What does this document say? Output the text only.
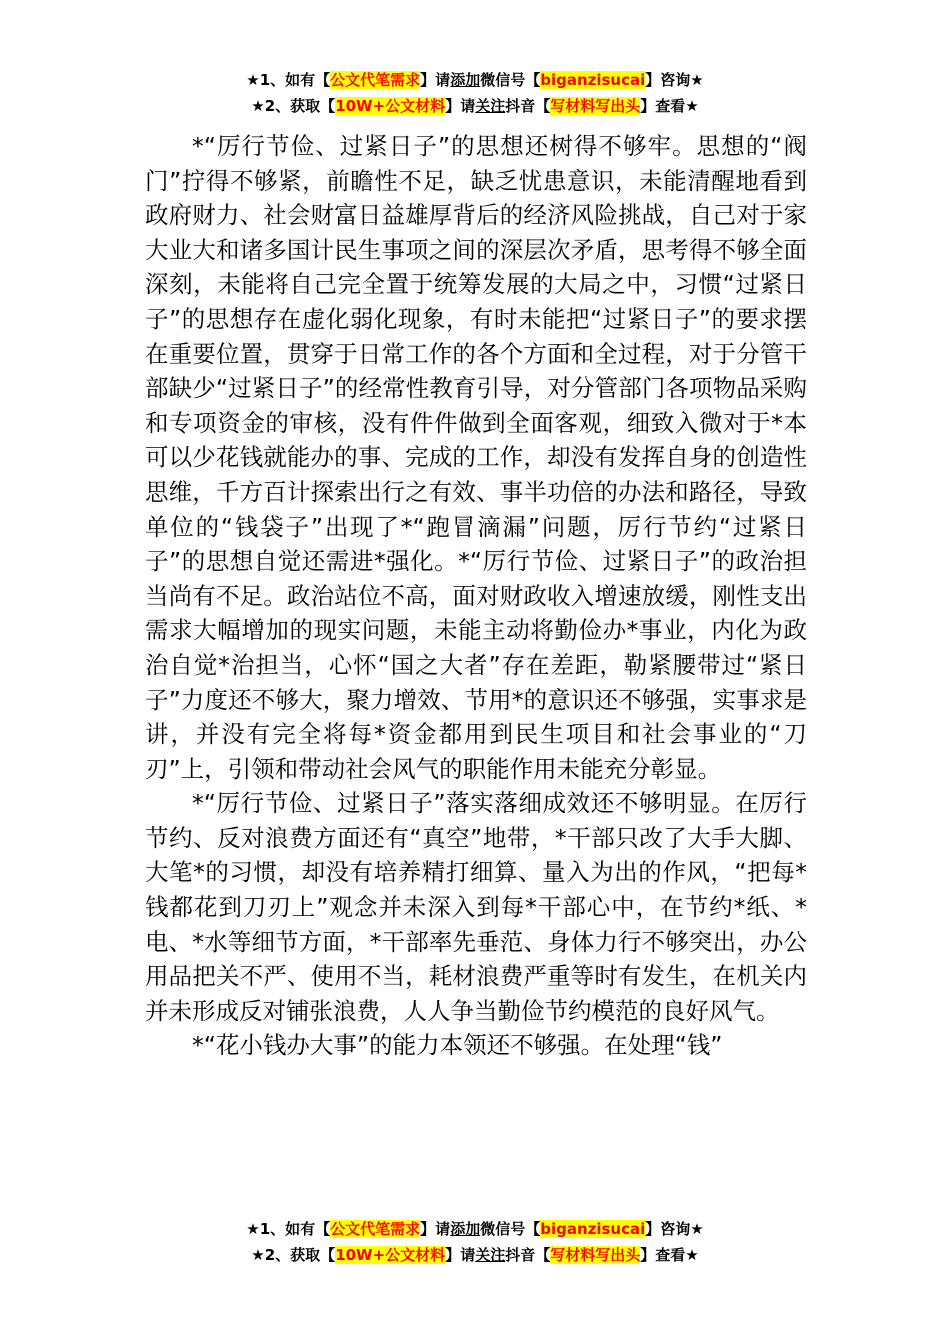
★1、如有【公文代笔需求】请添加微信号【biganzisucai】咨询★
★2、获取【10W+公文材料】请关注抖音【写材料写出头】查看★

*“厉行节俭、过紧日子”的思想还树得不够牢。思想的“阀门”拧得不够紧，前瞻性不足，缺乏忧患意识，未能清醒地看到政府财力、社会财富日益雄厚背后的经济风险挑战，自己对于家大业大和诸多国计民生事项之间的深层次矛盾，思考得不够全面深刻，未能将自己完全置于统筹发展的大局之中，习惯“过紧日子”的思想存在虚化弱化现象，有时未能把“过紧日子”的要求摆在重要位置，贯穿于日常工作的各个方面和全过程，对于分管干部缺少“过紧日子”的经常性教育引导，对分管部门各项物品采购和专项资金的审核，没有件件做到全面客观，细致入微对于*本可以少花钱就能办的事、完成的工作，却没有发挥自身的创造性思维，千方百计探索出行之有效、事半功倍的办法和路径，导致单位的“钱袋子”出现了*“跑冒滴漏”问题，厉行节约“过紧日子”的思想自觉还需进*强化。*“厉行节俭、过紧日子”的政治担当尚有不足。政治站位不高，面对财政收入增速放缓，刚性支出需求大幅增加的现实问题，未能主动将勤俭办*事业，内化为政治自觉*治担当，心怀“国之大者”存在差距，勒紧腰带过“紧日子”力度还不够大，聚力增效、节用*的意识还不够强，实事求是讲，并没有完全将每*资金都用到民生项目和社会事业的“刀刃”上，引领和带动社会风气的职能作用未能充分彰显。

*“厉行节俭、过紧日子”落实落细成效还不够明显。在厉行节约、反对浪费方面还有“真空”地带，*干部只改了大手大脚、大笔*的习惯，却没有培养精打细算、量入为出的作风，“把每*钱都花到刀刃上”观念并未深入到每*干部心中，在节约*纸、*电、*水等细节方面，*干部率先垂范、身体力行不够突出，办公用品把关不严、使用不当，耗材浪费严重等时有发生，在机关内并未形成反对铺张浪费，人人争当勤俭节约模范的良好风气。

*“花小钱办大事”的能力本领还不够强。在处理“钱”

★1、如有【公文代笔需求】请添加微信号【biganzisucai】咨询★
★2、获取【10W+公文材料】请关注抖音【写材料写出头】查看★
